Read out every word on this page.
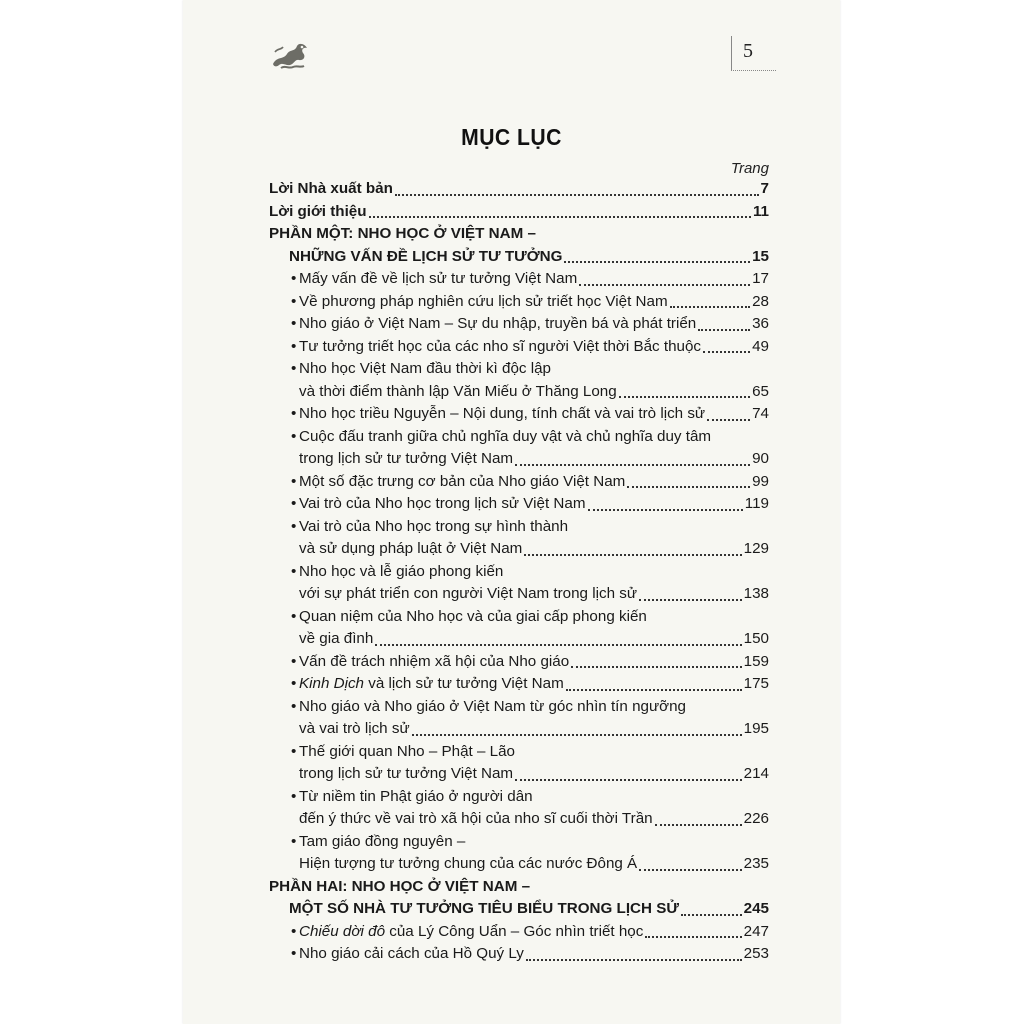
5
MỤC LỤC
Trang
Lời Nhà xuất bản	7
Lời giới thiệu	11
PHẦN MỘT: NHO HỌC Ở VIỆT NAM –
NHỮNG VẤN ĐỀ LỊCH SỬ TƯ TƯỞNG	15
•
Mấy vấn đề về lịch sử tư tưởng Việt Nam	17
•
Về phương pháp nghiên cứu lịch sử triết học Việt Nam	28
•
Nho giáo ở Việt Nam – Sự du nhập, truyền bá và phát triển	36
•
Tư tưởng triết học của các nho sĩ người Việt thời Bắc thuộc	49
•
Nho học Việt Nam đầu thời kì độc lập
và thời điểm thành lập Văn Miếu ở Thăng Long	65
•
Nho học triều Nguyễn – Nội dung, tính chất và vai trò lịch sử	74
•
Cuộc đấu tranh giữa chủ nghĩa duy vật và chủ nghĩa duy tâm
trong lịch sử tư tưởng Việt Nam	90
•
Một số đặc trưng cơ bản của Nho giáo Việt Nam	99
•
Vai trò của Nho học trong lịch sử Việt Nam	119
•
Vai trò của Nho học trong sự hình thành
và sử dụng pháp luật ở Việt Nam	129
•
Nho học và lễ giáo phong kiến
với sự phát triển con người Việt Nam trong lịch sử	138
•
Quan niệm của Nho học và của giai cấp phong kiến
về gia đình	150
•
Vấn đề trách nhiệm xã hội của Nho giáo	159
•
Kinh Dịch và lịch sử tư tưởng Việt Nam	175
•
Nho giáo và Nho giáo ở Việt Nam từ góc nhìn tín ngưỡng
và vai trò lịch sử	195
•
Thế giới quan Nho – Phật – Lão
trong lịch sử tư tưởng Việt Nam	214
•
Từ niềm tin Phật giáo ở người dân
đến ý thức về vai trò xã hội của nho sĩ cuối thời Trần	226
•
Tam giáo đồng nguyên –
Hiện tượng tư tưởng chung của các nước Đông Á	235
PHẦN HAI: NHO HỌC Ở VIỆT NAM –
MỘT SỐ NHÀ TƯ TƯỞNG TIÊU BIỂU TRONG LỊCH SỬ	245
•
Chiếu dời đô của Lý Công Uẩn – Góc nhìn triết học	247
•
Nho giáo cải cách của Hồ Quý Ly	253
